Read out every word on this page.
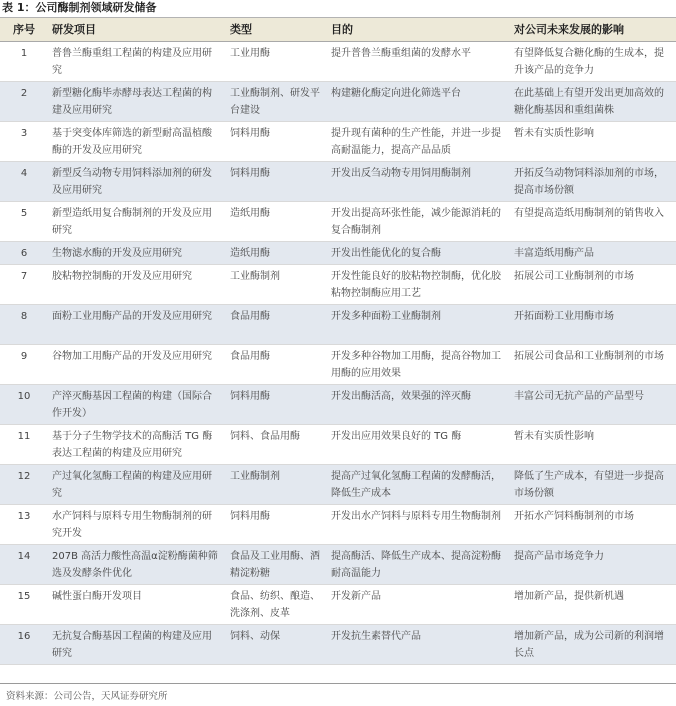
表 1：公司酶制剂领域研发储备
序号	研发项目	类型	目的	对公司未来发展的影响
1	普鲁兰酶重组工程菌的构建及应用研究	工业用酶	提升普鲁兰酶重组菌的发酵水平	有望降低复合糖化酶的生成本，提升该产品的竞争力
2	新型糖化酶毕赤酵母表达工程菌的构建及应用研究	工业酶制剂、研发平台建设	构建糖化酶定向进化筛选平台	在此基础上有望开发出更加高效的糖化酶基因和重组菌株
3	基于突变体库筛选的新型耐高温植酸酶的开发及应用研究	饲料用酶	提升现有菌种的生产性能，并进一步提高耐温能力，提高产品品质	暂未有实质性影响
4	新型反刍动物专用饲料添加剂的研发及应用研究	饲料用酶	开发出反刍动物专用饲用酶制剂	开拓反刍动物饲料添加剂的市场，提高市场份额
5	新型造纸用复合酶制剂的开发及应用研究	造纸用酶	开发出提高环张性能，减少能源消耗的复合酶制剂	有望提高造纸用酶制剂的销售收入
6	生物滤水酶的开发及应用研究	造纸用酶	开发出性能优化的复合酶	丰富造纸用酶产品
7	胶粘物控制酶的开发及应用研究	工业酶制剂	开发性能良好的胶粘物控制酶，优化胶粘物控制酶应用工艺	拓展公司工业酶制剂的市场
8	面粉工业用酶产品的开发及应用研究	食品用酶	开发多种面粉工业酶制剂	开拓面粉工业用酶市场
9	谷物加工用酶产品的开发及应用研究	食品用酶	开发多种谷物加工用酶，提高谷物加工用酶的应用效果	拓展公司食品和工业酶制剂的市场
10	产淬灭酶基因工程菌的构建（国际合作开发）	饲料用酶	开发出酶活高，效果强的淬灭酶	丰富公司无抗产品的产品型号
11	基于分子生物学技术的高酶活 TG 酶表达工程菌的构建及应用研究	饲料、食品用酶	开发出应用效果良好的 TG 酶	暂未有实质性影响
12	产过氧化氢酶工程菌的构建及应用研究	工业酶制剂	提高产过氧化氢酶工程菌的发酵酶活，降低生产成本	降低了生产成本，有望进一步提高市场份额
13	水产饲料与原料专用生物酶制剂的研究开发	饲料用酶	开发出水产饲料与原料专用生物酶制剂	开拓水产饲料酶制剂的市场
14	207B 高活力酸性高温α淀粉酶菌种筛选及发酵条件优化	食品及工业用酶、酒精淀粉糖	提高酶活、降低生产成本、提高淀粉酶耐高温能力	提高产品市场竞争力
15	碱性蛋白酶开发项目	食品、纺织、酿造、洗涤剂、皮革	开发新产品	增加新产品，提供新机遇
16	无抗复合酶基因工程菌的构建及应用研究	饲料、动保	开发抗生素替代产品	增加新产品，成为公司新的利润增长点
资料来源：公司公告，天风证券研究所
